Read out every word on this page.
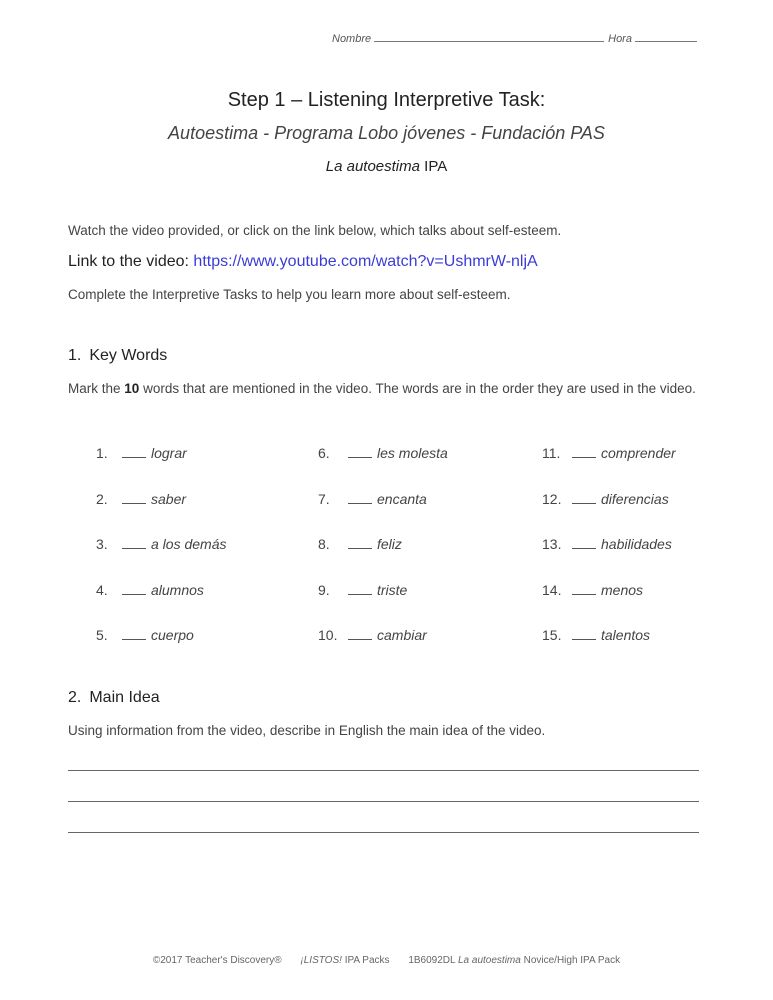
Nombre	Hora
Step 1 – Listening Interpretive Task:
Autoestima - Programa Lobo jóvenes - Fundación PAS
La autoestima IPA
Watch the video provided, or click on the link below, which talks about self-esteem.
Link to the video: https://www.youtube.com/watch?v=UshmrW-nljA
Complete the Interpretive Tasks to help you learn more about self-esteem.
1. Key Words
Mark the 10 words that are mentioned in the video. The words are in the order they are used in the video.
1.	lograr
2.	saber
3.	a los demás
4.	alumnos
5.	cuerpo
6.	les molesta
7.	encanta
8.	feliz
9.	triste
10.	cambiar
11.	comprender
12.	diferencias
13.	habilidades
14.	menos
15.	talentos
2. Main Idea
Using information from the video, describe in English the main idea of the video.
©2017 Teacher's Discovery® ¡LISTOS! IPA Packs 1B6092DL La autoestima Novice/High IPA Pack
